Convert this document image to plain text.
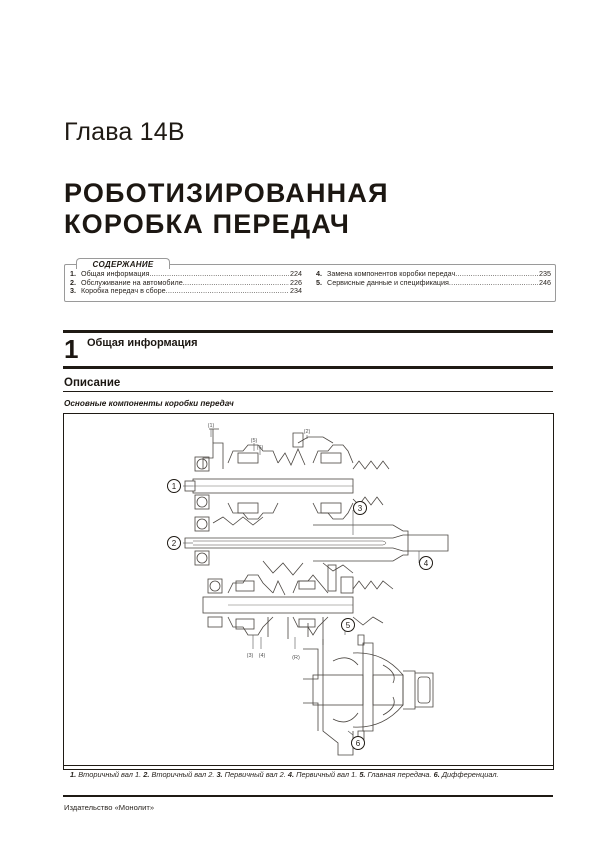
Глава 14B
РОБОТИЗИРОВАННАЯ
КОРОБКА ПЕРЕДАЧ
СОДЕРЖАНИЕ
1. Общая информация .....	224
2. Обслуживание на автомобиле .....	226
3. Коробка передач в сборе .....	234
4. Замена компонентов коробки передач .....	235
5. Сервисные данные и спецификация .....	246
1 Общая информация
Описание
Основные компоненты коробки передач
1
2
3
4
5
6
(1)
(2)
(5)
(6)
(3) (4)	(R)
1. Вторичный вал 1. 2. Вторичный вал 2. 3. Первичный вал 2. 4. Первичный вал 1. 5. Главная передача. 6. Дифференциал.
Издательство «Монолит»
